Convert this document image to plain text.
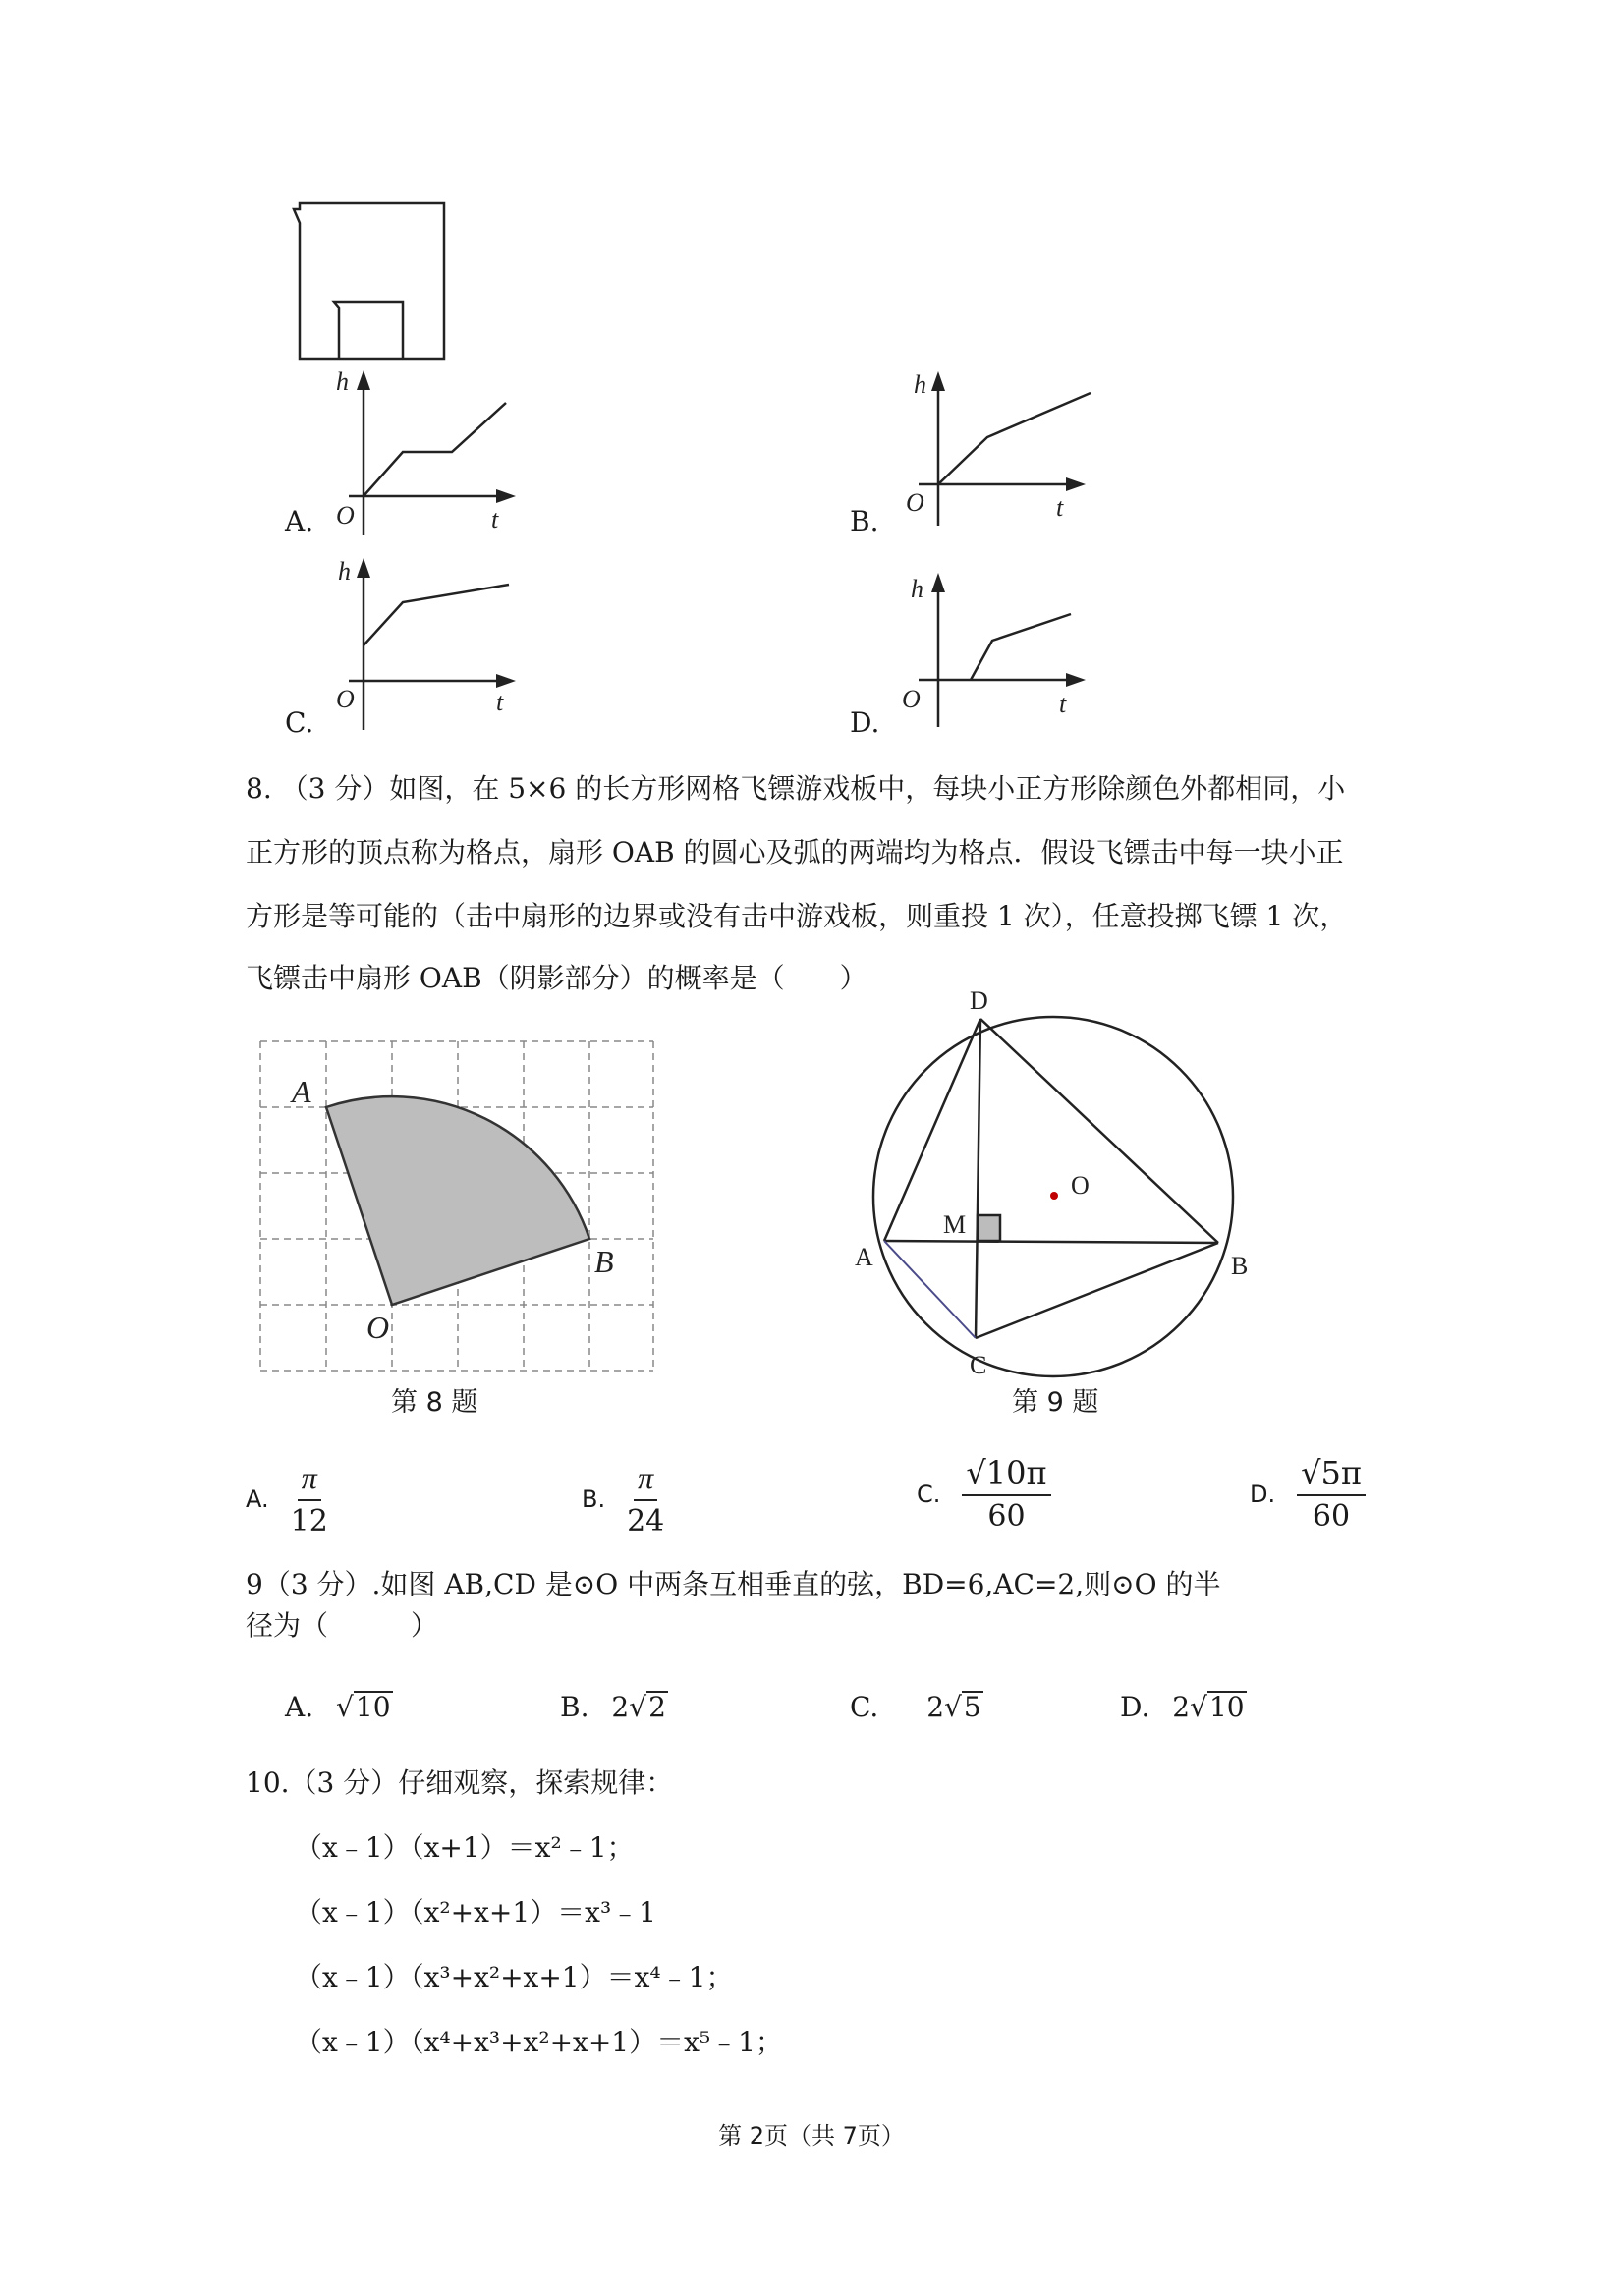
A.
h
t
O	B.
h
t
O
C.
h
t
O
D.
h
t
O
8. （3 分）如图，在 5×6 的长方形网格飞镖游戏板中，每块小正方形除颜色外都相同，小
正方形的顶点称为格点，扇形 OAB 的圆心及弧的两端均为格点．假设飞镖击中每一块小正
方形是等可能的（击中扇形的边界或没有击中游戏板，则重投 1 次），任意投掷飞镖 1 次，
飞镖击中扇形 OAB（阴影部分）的概率是（　　）
A
B
O
第 8 题
D
O
M
A	B
C
第 9 题
A. $\frac{\pi}{12}$	B. $\frac{\pi}{24}$	C. $\frac{√10\pi}{60}$	D. $\frac{√5\pi}{60}$
9（3 分）.如图 AB,CD 是⊙O 中两条互相垂直的弦，BD=6,AC=2,则⊙O 的半
径为（　　　）
A. √10	B. 2√2	C. 2√5	D. 2√10
10.（3 分）仔细观察，探索规律：
（x﹣1）（x+1）＝x²﹣1；
（x﹣1）（x²+x+1）＝x³﹣1
（x﹣1）（x³+x²+x+1）＝x⁴﹣1；
（x﹣1）（x⁴+x³+x²+x+1）＝x⁵﹣1；
第 2页（共 7页）
